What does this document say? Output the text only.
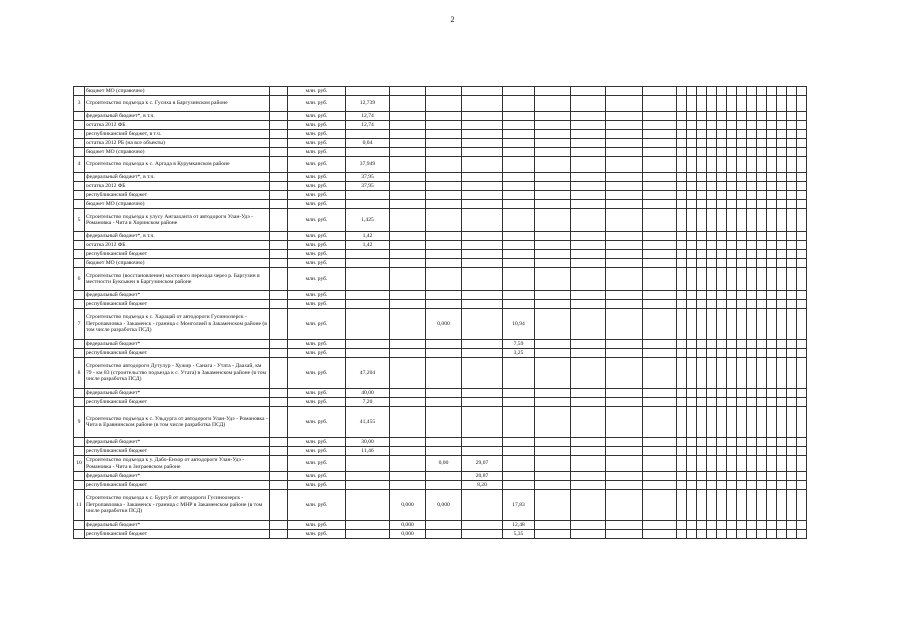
2
	бюджет МО (справочно)		млн. руб.																						
3	Строительство подъезда к с. Гусиха в Баргузинском районе		млн. руб.	12,739																					
	федеральный бюджет*, в т.ч.		млн. руб.	12,74																					
	остатка 2012 ФБ		млн. руб.	12,74																					
	республиканский бюджет, в т.ч.		млн. руб.																						
	остатка 2012 РБ (на все объекты)		млн. руб.	0,04																					
	бюджет МО (справочно)		млн. руб.																						
4	Строительство подъезда к с. Аргада в Курумканском районе		млн. руб.	37,949																					
	федеральный бюджет*, в т.ч.		млн. руб.	37,95																					
	остатка 2012 ФБ		млн. руб.	37,95																					
	республиканский бюджет		млн. руб.																						
	бюджет МО (справочно)		млн. руб.																						
5	Строительство подъезда к улусу Ангааханта от автодороги Улан-Удэ - Романовка - Чита в Хоринском районе		млн. руб.	1,425																					
	федеральный бюджет*, в т.ч.		млн. руб.	1,42																					
	остатка 2012 ФБ		млн. руб.	1,42																					
	республиканский бюджет		млн. руб.																						
	бюджет МО (справочно)		млн. руб.																						
6	Строительство (восстановление) мостового перехода через р. Баргузин в местности Буксыкен в Баргузинском районе		млн. руб.																						
	федеральный бюджет*		млн. руб.																						
	республиканский бюджет		млн. руб.																						
7	Строительство подъезда к с. Харацай от автодороги Гусиноозерск - Петропавловка - Закаменск - граница с Монголией в Закаменском районе (в том числе разработка ПСД)		млн. руб.			0,000		10,94																	
	федеральный бюджет*		млн. руб.					7,59																	
	республиканский бюджет		млн. руб.					3,25																	
8	Строительство автодороги Дутулур - Хужир - Санага - Утата - Даахай, км 79 - км 83 (строительство подъезда к с. Утата) в Закаменском районе (в том числе разработка ПСД)		млн. руб.	47,204																					
	федеральный бюджет*		млн. руб.	40,00																					
	республиканский бюджет		млн. руб.	7,20																					
9	Строительство подъезда к с. Ульдурга от автодороги Улан-Удэ - Романовка - Чита в Еравнинском районе (в том числе разработка ПСД)		млн. руб.	41,455																					
	федеральный бюджет*		млн. руб.	30,00																					
	республиканский бюджет		млн. руб.	11,46																					
10	Строительство подъезда к у. Дабо-Енхор от автодороги Улан-Удэ - Романовка - Чита в Зиграевском районе		млн. руб.			0,00	29,07																		
	федеральный бюджет*		млн. руб.				20,87																		
	республиканский бюджет		млн. руб.				8,20																		
11	Строительство подъезда к с. Бургуй от автодороги Гусиноозерск - Петропавловка - Закаменск - граница с МНР в Закаменском районе (в том числе разработки ПСД)		млн. руб.		0,000	0,000		17,83																	
	федеральный бюджет*		млн. руб.		0,000			12,48																	
	республиканский бюджет		млн. руб.		0,000			5,35																	
